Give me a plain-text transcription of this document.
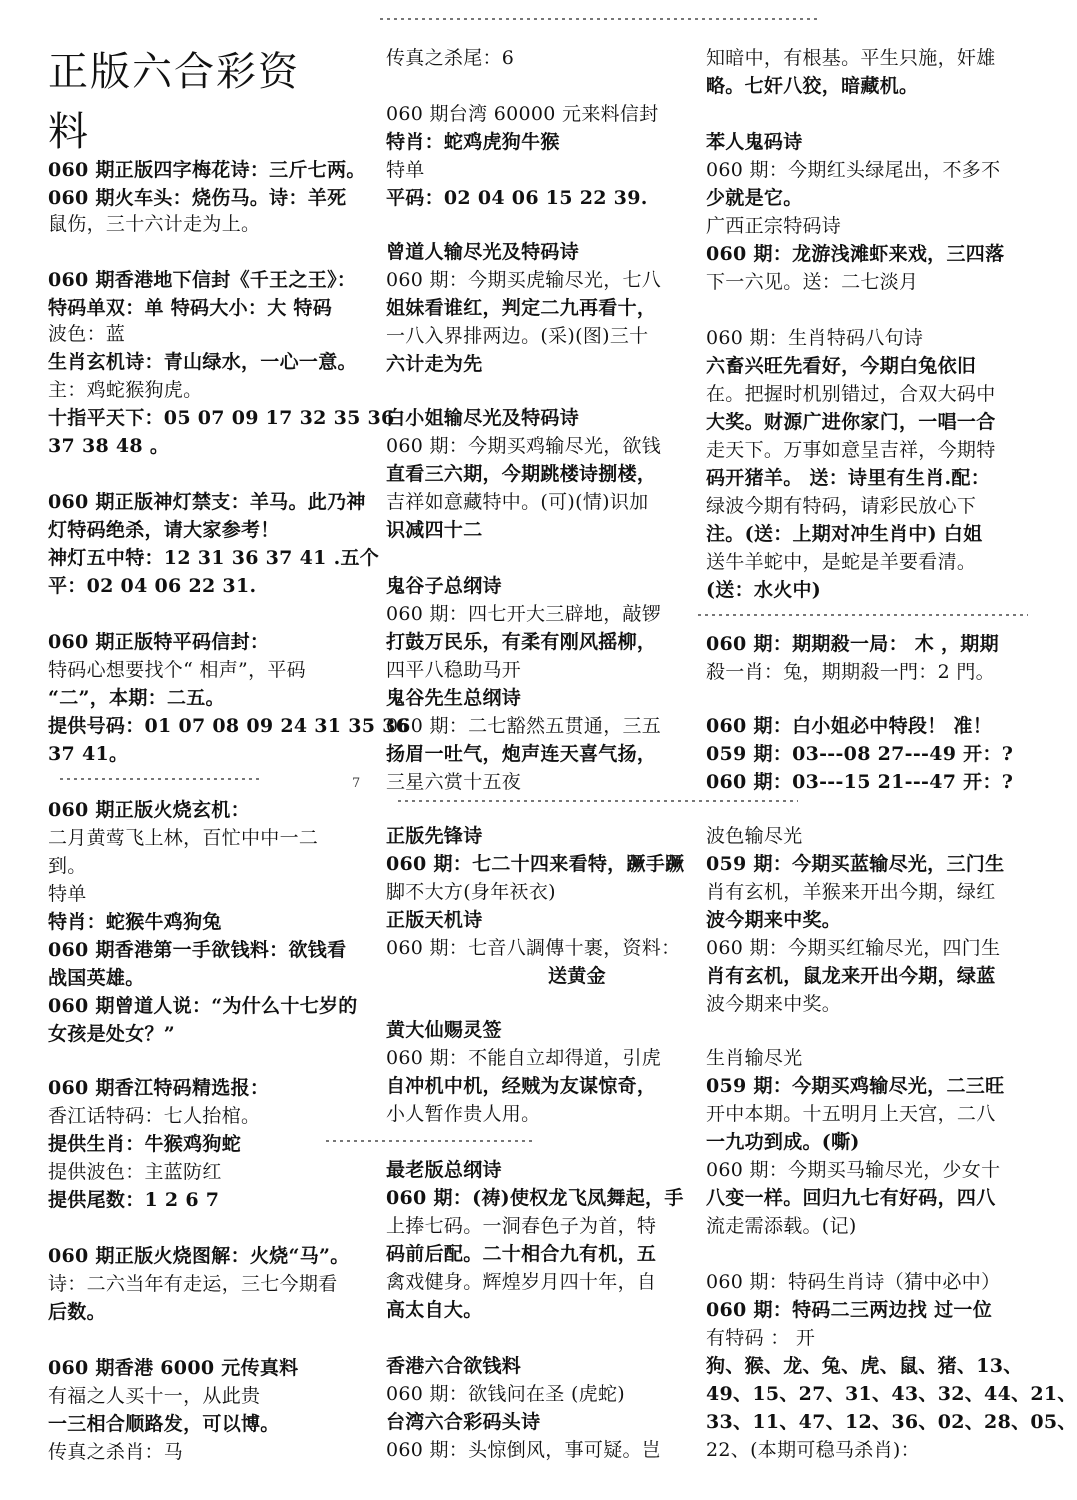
正版六合彩资
料
060 期正版四字梅花诗：三斤七两。
060 期火车头：烧伤马。诗：羊死
鼠伤，三十六计走为上。
060 期香港地下信封《千王之王》：
特码单双：单 特码大小：大 特码
波色：蓝
生肖玄机诗：青山绿水，一心一意。
主：鸡蛇猴狗虎。
十指平天下：05 07 09 17 32 35 36
37 38 48 。
060 期正版神灯禁支：羊马。此乃神
灯特码绝杀，请大家参考！
神灯五中特：12 31 36 37 41 .五个
平：02 04 06 22 31.
060 期正版特平码信封：
特码心想要找个“ 相声”，平码
“二”，本期：二五。
提供号码：01 07 08 09 24 31 35 36
37 41。
060 期正版火烧玄机：
二月黄莺飞上林，百忙中中一二
到。
特单
特肖：蛇猴牛鸡狗兔
060 期香港第一手欲钱料：欲钱看
战国英雄。
060 期曾道人说：“为什么十七岁的
女孩是处女？”
060 期香江特码精选报：
香江话特码：七人抬棺。
提供生肖：牛猴鸡狗蛇
提供波色：主蓝防红
提供尾数：1 2 6 7
060 期正版火烧图解：火烧“马”。
诗：二六当年有走运，三七今期看
后数。
060 期香港 6000 元传真料
有福之人买十一，从此贵
一三相合顺路发，可以博。
传真之杀肖：马
传真之杀尾：6
060 期台湾 60000 元来料信封
特肖：蛇鸡虎狗牛猴
特单
平码：02 04 06 15 22 39.
曾道人输尽光及特码诗
060 期：今期买虎输尽光，七八
姐妹看谁红，判定二九再看十，
一八入界排两边。(采)(图)三十
六计走为先
白小姐输尽光及特码诗
060 期：今期买鸡输尽光，欲钱
直看三六期，今期跳楼诗捌楼，
吉祥如意藏特中。(可)(情)识加
识减四十二
鬼谷子总纲诗
060 期：四七开大三辟地，敲锣
打鼓万民乐，有柔有刚风摇柳，
四平八稳助马开
鬼谷先生总纲诗
060 期：二七豁然五贯通，三五
扬眉一吐气，炮声连天喜气扬，
三星六赏十五夜
正版先锋诗
060 期：七二十四来看特，蹶手蹶
脚不大方(身年祆衣)
正版天机诗
060 期：七音八調傳十裹，资料：
送黄金
黄大仙赐灵签
060 期：不能自立却得道，引虎
自冲机中机，经贼为友谋惊奇，
小人暂作贵人用。
最老版总纲诗
060 期：(祷)使权龙飞凤舞起，手
上捧七码。一洞春色子为首，特
码前后配。二十相合九有机，五
禽戏健身。辉煌岁月四十年，自
高太自大。
香港六合欲钱料
060 期：欲钱问在圣 (虎蛇)
台湾六合彩码头诗
060 期：头惊倒风，事可疑。岂
知暗中，有根基。平生只施，奸雄
略。七奸八狡，暗藏机。
苯人鬼码诗
060 期：今期红头绿尾出，不多不
少就是它。
广西正宗特码诗
060 期：龙游浅滩虾来戏，三四落
下一六见。送：二七淡月
060 期：生肖特码八句诗
六畜兴旺先看好，今期白兔依旧
在。把握时机别错过，合双大码中
大奖。财源广进你家门，一唱一合
走天下。万事如意呈吉祥，今期特
码开猪羊。 送：诗里有生肖.配：
绿波今期有特码，请彩民放心下
注。(送：上期对冲生肖中) 白姐
送牛羊蛇中，是蛇是羊要看清。
(送：水火中)
060 期：期期殺一局： 木 ，期期
殺一肖：兔，期期殺一門：2 門。
060 期：白小姐必中特段！ 准！
059 期：03---08 27---49 开：?
060 期：03---15 21---47 开：?
波色输尽光
059 期：今期买蓝输尽光，三门生
肖有玄机，羊猴来开出今期，绿红
波今期来中奖。
060 期：今期买红输尽光，四门生
肖有玄机，鼠龙来开出今期，绿蓝
波今期来中奖。
生肖输尽光
059 期：今期买鸡输尽光，二三旺
开中本期。十五明月上天宫，二八
一九功到成。(嘶)
060 期：今期买马输尽光，少女十
八变一样。回归九七有好码，四八
流走需添载。(记)
060 期：特码生肖诗（猜中必中）
060 期：特码二三两边找 过一位
有特码 ： 开
狗、猴、龙、兔、虎、鼠、猪、13、
49、15、27、31、43、32、44、21、
33、11、47、12、36、02、28、05、
22、(本期可稳马杀肖)：
7
